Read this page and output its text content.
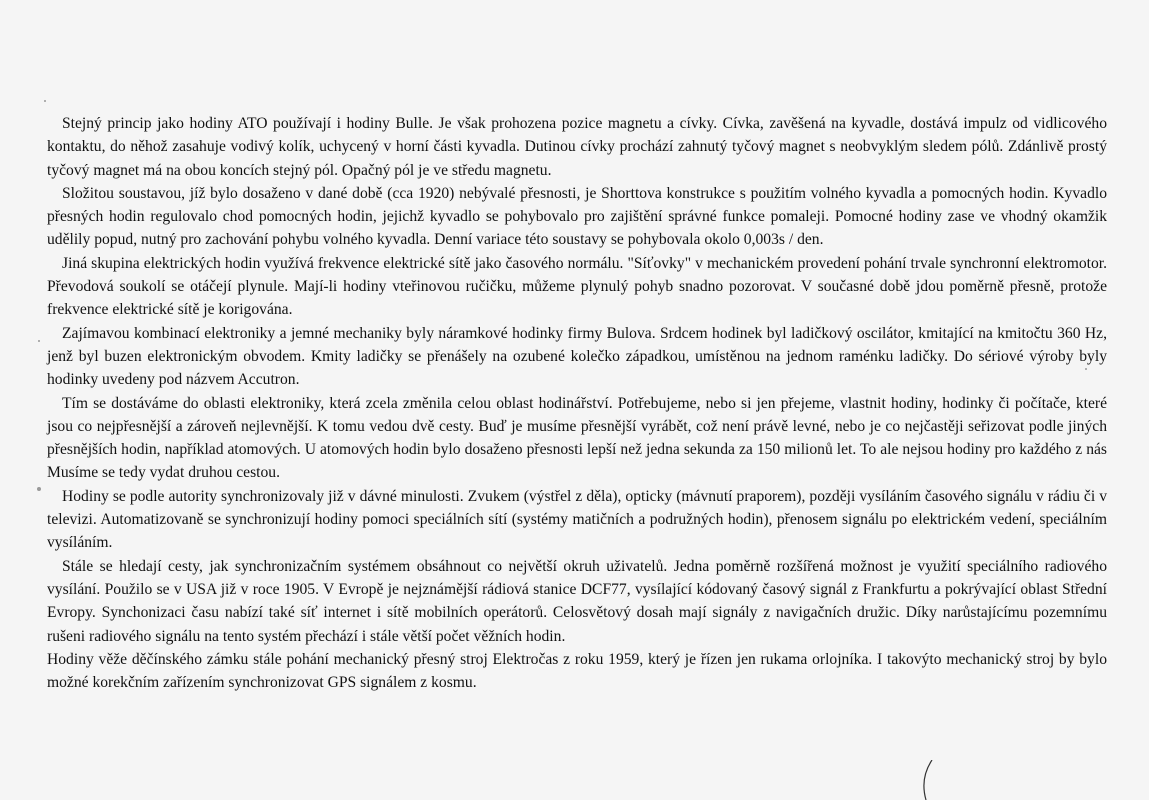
Stejný princip jako hodiny ATO používají i hodiny Bulle. Je však prohozena pozice magnetu a cívky. Cívka, zavěšená na kyvadle, dostává impulz od vidlicového kontaktu, do něhož zasahuje vodivý kolík, uchycený v horní části kyvadla. Dutinou cívky prochází zahnutý tyčový magnet s neobvyklým sledem pólů. Zdánlivě prostý tyčový magnet má na obou koncích stejný pól. Opačný pól je ve středu magnetu.

Složitou soustavou, jíž bylo dosaženo v dané době (cca 1920) nebývalé přesnosti, je Shorttova konstrukce s použitím volného kyvadla a pomocných hodin. Kyvadlo přesných hodin regulovalo chod pomocných hodin, jejichž kyvadlo se pohybovalo pro zajištění správné funkce pomaleji. Pomocné hodiny zase ve vhodný okamžik udělily popud, nutný pro zachování pohybu volného kyvadla. Denní variace této soustavy se pohybovala okolo 0,003s / den.

Jiná skupina elektrických hodin využívá frekvence elektrické sítě jako časového normálu. "Síťovky" v mechanickém provedení pohání trvale synchronní elektromotor. Převodová soukolí se otáčejí plynule. Mají-li hodiny vteřinovou ručičku, můžeme plynulý pohyb snadno pozorovat. V současné době jdou poměrně přesně, protože frekvence elektrické sítě je korigována.

Zajímavou kombinací elektroniky a jemné mechaniky byly náramkové hodinky firmy Bulova. Srdcem hodinek byl ladičkový oscilátor, kmitající na kmitočtu 360 Hz, jenž byl buzen elektronickým obvodem. Kmity ladičky se přenášely na ozubené kolečko západkou, umístěnou na jednom raménku ladičky. Do sériové výroby byly hodinky uvedeny pod názvem Accutron.

Tím se dostáváme do oblasti elektroniky, která zcela změnila celou oblast hodinářství. Potřebujeme, nebo si jen přejeme, vlastnit hodiny, hodinky či počítače, které jsou co nejpřesnější a zároveň nejlevnější. K tomu vedou dvě cesty. Buď je musíme přesnější vyrábět, což není právě levné, nebo je co nejčastěji seřizovat podle jiných přesnějších hodin, například atomových. U atomových hodin bylo dosaženo přesnosti lepší než jedna sekunda za 150 milionů let. To ale nejsou hodiny pro každého z nás Musíme se tedy vydat druhou cestou.

Hodiny se podle autority synchronizovaly již v dávné minulosti. Zvukem (výstřel z děla), opticky (mávnutí praporem), později vysíláním časového signálu v rádiu či v televizi. Automatizovaně se synchronizují hodiny pomoci speciálních sítí (systémy matičních a podružných hodin), přenosem signálu po elektrickém vedení, speciálním vysíláním.

Stále se hledají cesty, jak synchronizačním systémem obsáhnout co největší okruh uživatelů. Jedna poměrně rozšířená možnost je využití speciálního radiového vysílání. Použilo se v USA již v roce 1905. V Evropě je nejznámější rádiová stanice DCF77, vysílající kódovaný časový signál z Frankfurtu a pokrývající oblast Střední Evropy. Synchonizaci času nabízí také síť internet i sítě mobilních operátorů. Celosvětový dosah mají signály z navigačních družic. Díky narůstajícímu pozemnímu rušeni radiového signálu na tento systém přechází i stále větší počet věžních hodin.

Hodiny věže děčínského zámku stále pohání mechanický přesný stroj Elektročas z roku 1959, který je řízen jen rukama orlojníka. I takovýto mechanický stroj by bylo možné korekčním zařízením synchronizovat GPS signálem z kosmu.
